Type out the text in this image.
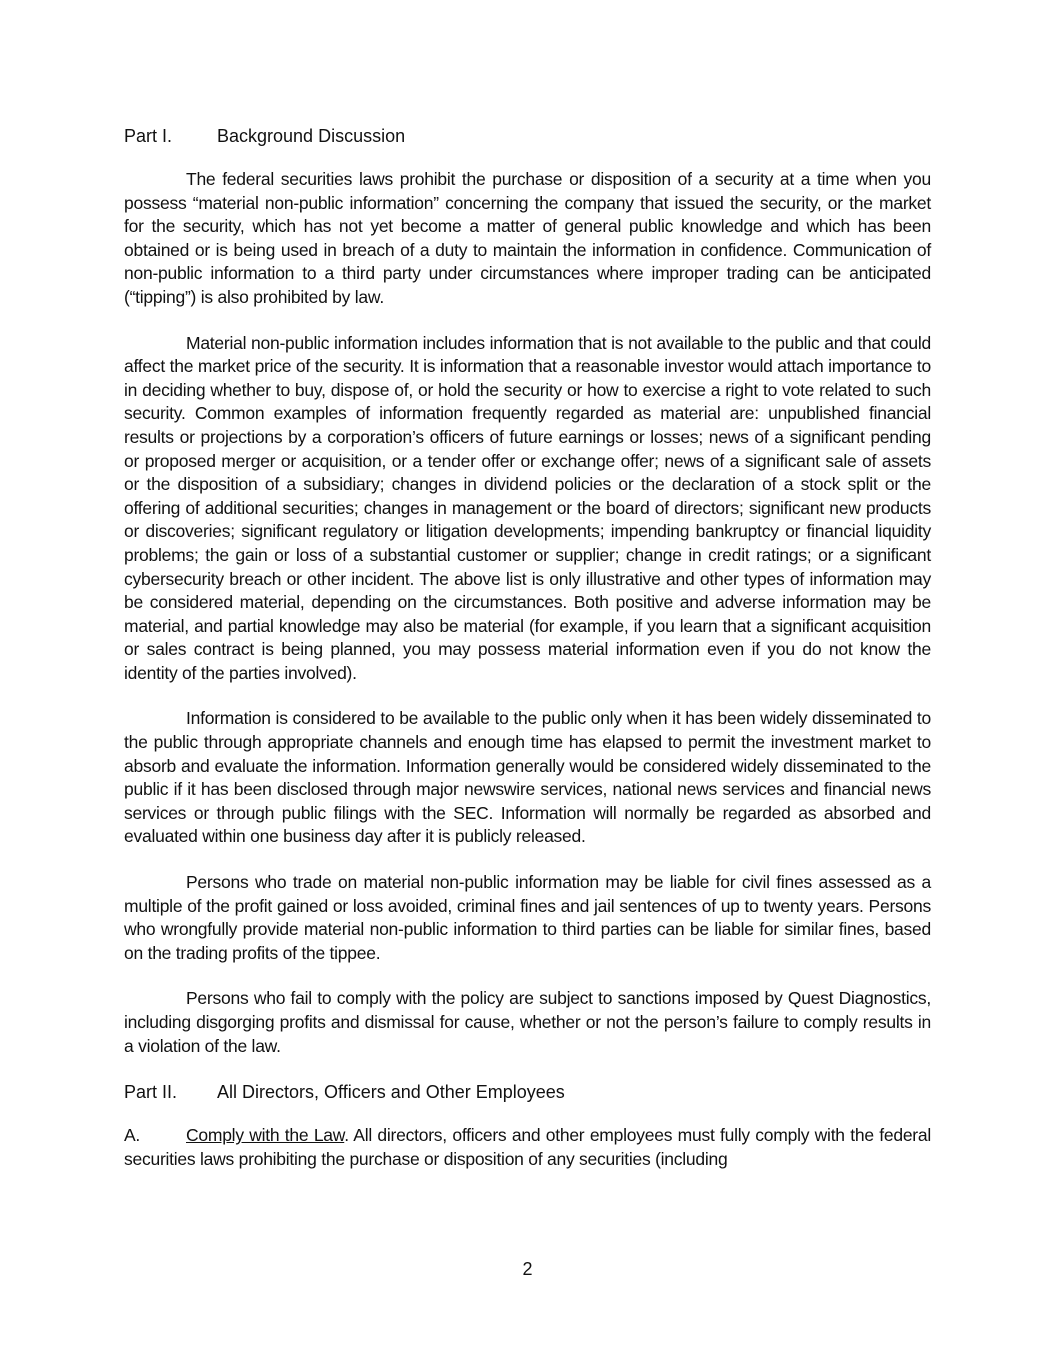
Part I. Background Discussion

The federal securities laws prohibit the purchase or disposition of a security at a time when you possess “material non-public information” concerning the company that issued the security, or the market for the security, which has not yet become a matter of general public knowledge and which has been obtained or is being used in breach of a duty to maintain the information in confidence. Communication of non-public information to a third party under circumstances where improper trading can be anticipated (“tipping”) is also prohibited by law.

Material non-public information includes information that is not available to the public and that could affect the market price of the security. It is information that a reasonable investor would attach importance to in deciding whether to buy, dispose of, or hold the security or how to exercise a right to vote related to such security. Common examples of information frequently regarded as material are: unpublished financial results or projections by a corporation’s officers of future earnings or losses; news of a significant pending or proposed merger or acquisition, or a tender offer or exchange offer; news of a significant sale of assets or the disposition of a subsidiary; changes in dividend policies or the declaration of a stock split or the offering of additional securities; changes in management or the board of directors; significant new products or discoveries; significant regulatory or litigation developments; impending bankruptcy or financial liquidity problems; the gain or loss of a substantial customer or supplier; change in credit ratings; or a significant cybersecurity breach or other incident. The above list is only illustrative and other types of information may be considered material, depending on the circumstances. Both positive and adverse information may be material, and partial knowledge may also be material (for example, if you learn that a significant acquisition or sales contract is being planned, you may possess material information even if you do not know the identity of the parties involved).

Information is considered to be available to the public only when it has been widely disseminated to the public through appropriate channels and enough time has elapsed to permit the investment market to absorb and evaluate the information. Information generally would be considered widely disseminated to the public if it has been disclosed through major newswire services, national news services and financial news services or through public filings with the SEC. Information will normally be regarded as absorbed and evaluated within one business day after it is publicly released.

Persons who trade on material non-public information may be liable for civil fines assessed as a multiple of the profit gained or loss avoided, criminal fines and jail sentences of up to twenty years. Persons who wrongfully provide material non-public information to third parties can be liable for similar fines, based on the trading profits of the tippee.

Persons who fail to comply with the policy are subject to sanctions imposed by Quest Diagnostics, including disgorging profits and dismissal for cause, whether or not the person’s failure to comply results in a violation of the law.

Part II. All Directors, Officers and Other Employees

A.	Comply with the Law. All directors, officers and other employees must fully comply with the federal securities laws prohibiting the purchase or disposition of any securities (including

2
